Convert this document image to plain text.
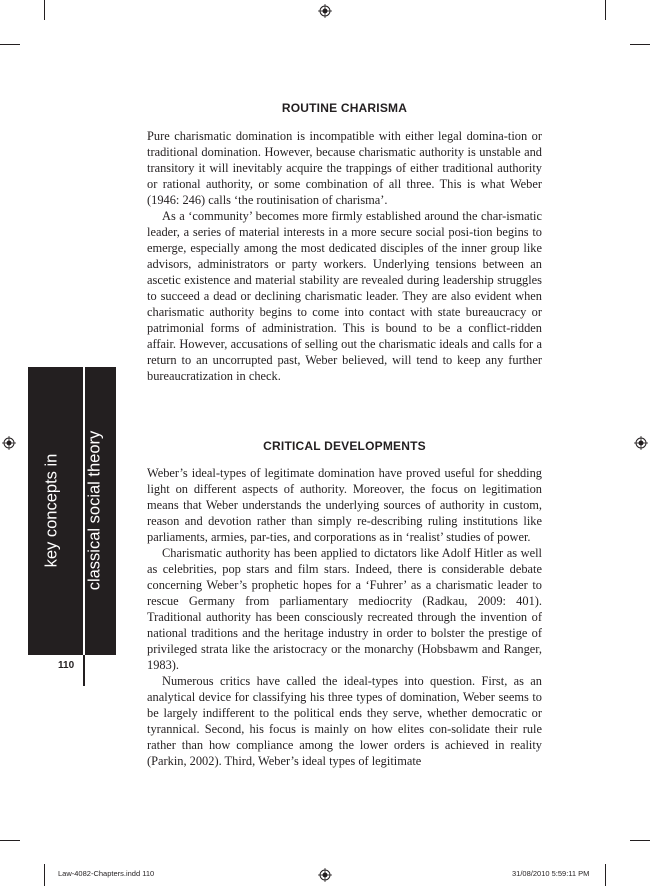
ROUTINE CHARISMA

Pure charismatic domination is incompatible with either legal domina-tion or traditional domination. However, because charismatic authority is unstable and transitory it will inevitably acquire the trappings of either traditional authority or rational authority, or some combination of all three. This is what Weber (1946: 246) calls ‘the routinisation of charisma’.

As a ‘community’ becomes more firmly established around the char-ismatic leader, a series of material interests in a more secure social posi-tion begins to emerge, especially among the most dedicated disciples of the inner group like advisors, administrators or party workers. Underlying tensions between an ascetic existence and material stability are revealed during leadership struggles to succeed a dead or declining charismatic leader. They are also evident when charismatic authority begins to come into contact with state bureaucracy or patrimonial forms of administration. This is bound to be a conflict-ridden affair. However, accusations of selling out the charismatic ideals and calls for a return to an uncorrupted past, Weber believed, will tend to keep any further bureaucratization in check.

CRITICAL DEVELOPMENTS

Weber’s ideal-types of legitimate domination have proved useful for shedding light on different aspects of authority. Moreover, the focus on legitimation means that Weber understands the underlying sources of authority in custom, reason and devotion rather than simply re-describing ruling institutions like parliaments, armies, par-ties, and corporations as in ‘realist’ studies of power.

Charismatic authority has been applied to dictators like Adolf Hitler as well as celebrities, pop stars and film stars. Indeed, there is considerable debate concerning Weber’s prophetic hopes for a ‘Fuhrer’ as a charismatic leader to rescue Germany from parliamentary mediocrity (Radkau, 2009: 401). Traditional authority has been consciously recreated through the invention of national traditions and the heritage industry in order to bolster the prestige of privileged strata like the aristocracy or the monarchy (Hobsbawm and Ranger, 1983).

Numerous critics have called the ideal-types into question. First, as an analytical device for classifying his three types of domination, Weber seems to be largely indifferent to the political ends they serve, whether democratic or tyrannical. Second, his focus is mainly on how elites con-solidate their rule rather than how compliance among the lower orders is achieved in reality (Parkin, 2002). Third, Weber’s ideal types of legitimate

key concepts in classical social theory
110
Law-4082-Chapters.indd 110	31/08/2010 5:59:11 PM
